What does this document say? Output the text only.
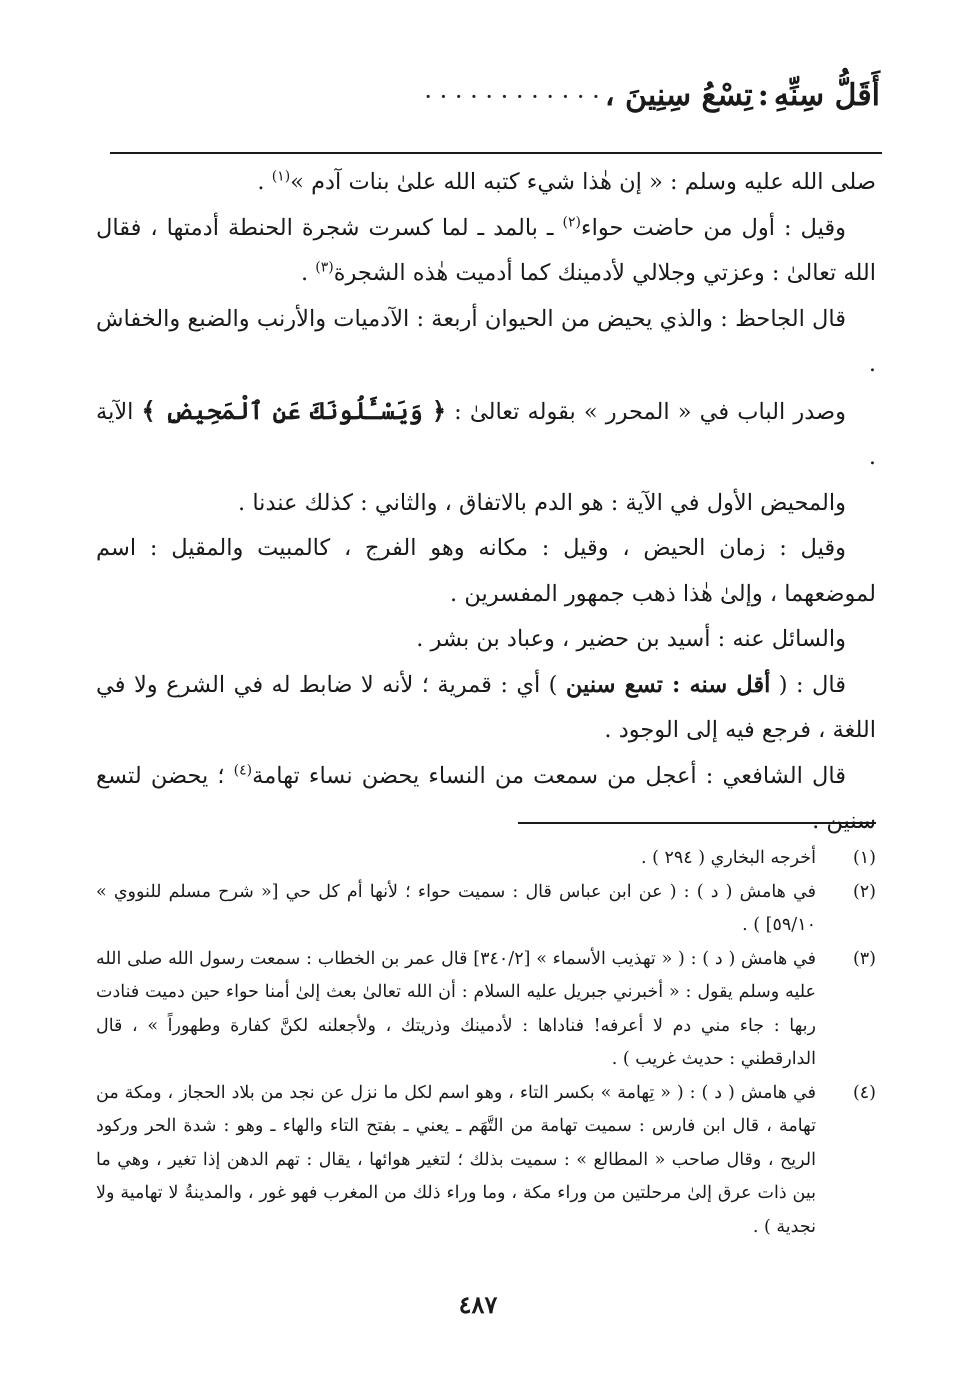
أَقَلُّ سِنِّهِ : تِسْعُ سِنِينَ ، · · · · · · · · · · · ·

صلى الله عليه وسلم : « إن هٰذا شيء كتبه الله علىٰ بنات آدم »$^{(١)}$ .

وقيل : أول من حاضت حواء$^{(٢)}$ ـ بالمد ـ لما كسرت شجرة الحنطة أدمتها ، فقال الله تعالىٰ : وعزتي وجلالي لأدمينك كما أدميت هٰذه الشجرة$^{(٣)}$ .

قال الجاحظ : والذي يحيض من الحيوان أربعة : الآدميات والأرنب والضبع والخفاش .

وصدر الباب في « المحرر » بقوله تعالىٰ : ﴿ وَيَسْـَٔلُونَكَ عَنِ ٱلْمَحِيضِ ﴾ الآية .

والمحيض الأول في الآية : هو الدم بالاتفاق ، والثاني : كذلك عندنا .

وقيل : زمان الحيض ، وقيل : مكانه وهو الفرج ، كالمبيت والمقيل : اسم لموضعهما ، وإلىٰ هٰذا ذهب جمهور المفسرين .

والسائل عنه : أسيد بن حضير ، وعباد بن بشر .

قال : ( أقل سنه : تسع سنين ) أي : قمرية ؛ لأنه لا ضابط له في الشرع ولا في اللغة ، فرجع فيه إلى الوجود .

قال الشافعي : أعجل من سمعت من النساء يحضن نساء تهامة$^{(٤)}$ ؛ يحضن لتسع سنين .

(١)
أخرجه البخاري ( ٢٩٤ ) .
(٢)
في هامش ( د ) : ( عن ابن عباس قال : سميت حواء ؛ لأنها أم كل حي [« شرح مسلم للنووي » ٥٩/١٠] ) .
(٣)
في هامش ( د ) : ( « تهذيب الأسماء » [٣٤٠/٢] قال عمر بن الخطاب : سمعت رسول الله صلى الله عليه وسلم يقول : « أخبرني جبريل عليه السلام : أن الله تعالىٰ بعث إلىٰ أمنا حواء حين دميت فنادت ربها : جاء مني دم لا أعرفه! فناداها : لأدمينك وذريتك ، ولأجعلنه لكنَّ كفارة وطهوراً » ، قال الدارقطني : حديث غريب ) .
(٤)
في هامش ( د ) : ( « تِهامة » بكسر التاء ، وهو اسم لكل ما نزل عن نجد من بلاد الحجاز ، ومكة من تهامة ، قال ابن فارس : سميت تهامة من التَّهَم ـ يعني ـ بفتح التاء والهاء ـ وهو : شدة الحر وركود الريح ، وقال صاحب « المطالع » : سميت بذلك ؛ لتغير هوائها ، يقال : تهم الدهن إذا تغير ، وهي ما بين ذات عرق إلىٰ مرحلتين من وراء مكة ، وما وراء ذلك من المغرب فهو غور ، والمدينةُ لا تهامية ولا نجدية ) .
٤٨٧
